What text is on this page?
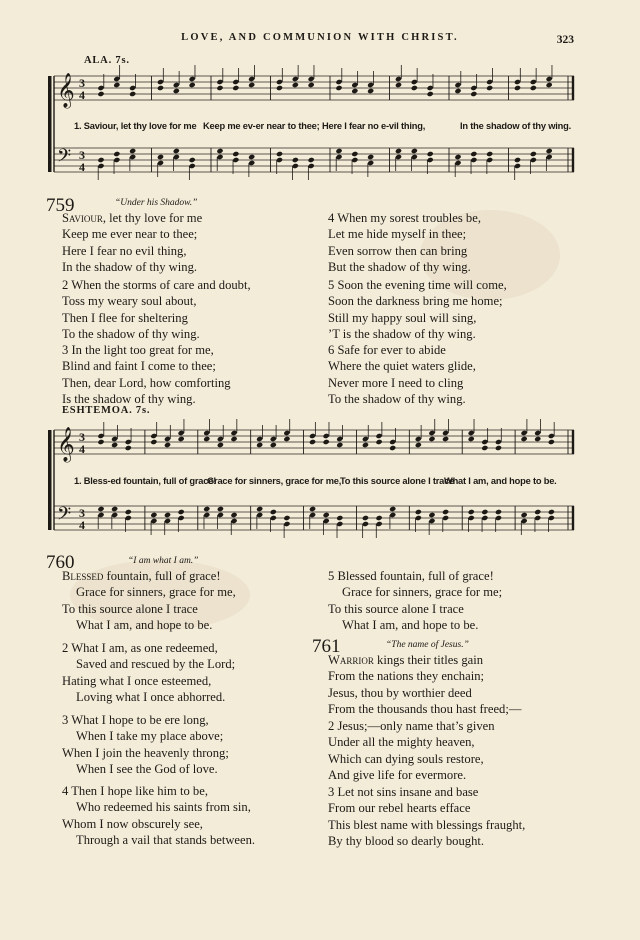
LOVE, AND COMMUNION WITH CHRIST.	323
ALA. 7s.
𝄞
𝄢
3
4
3
4
1. Saviour, let thy love for me Keep me ev-er near to thee; Here I fear no e-vil thing,	In the shadow of thy wing.
759	“Under his Shadow.”
Saviour, let thy love for me
Keep me ever near to thee;
Here I fear no evil thing,
In the shadow of thy wing.
2 When the storms of care and doubt,
Toss my weary soul about,
Then I flee for sheltering
To the shadow of thy wing.
3 In the light too great for me,
Blind and faint I come to thee;
Then, dear Lord, how comforting
Is the shadow of thy wing.
4 When my sorest troubles be,
Let me hide myself in thee;
Even sorrow then can bring
But the shadow of thy wing.
5 Soon the evening time will come,
Soon the darkness bring me home;
Still my happy soul will sing,
’T is the shadow of thy wing.
6 Safe for ever to abide
Where the quiet waters glide,
Never more I need to cling
To the shadow of thy wing.
ESHTEMOA. 7s.
𝄞
𝄢
3
4
3
4
1. Bless-ed fountain, full of grace!
Grace for sinners, grace for me,
To this source alone I trace
What I am, and hope to be.
760	“I am what I am.”
Blessed fountain, full of grace!
Grace for sinners, grace for me,
To this source alone I trace
What I am, and hope to be.
2 What I am, as one redeemed,
Saved and rescued by the Lord;
Hating what I once esteemed,
Loving what I once abhorred.
3 What I hope to be ere long,
When I take my place above;
When I join the heavenly throng;
When I see the God of love.
4 Then I hope like him to be,
Who redeemed his saints from sin,
Whom I now obscurely see,
Through a vail that stands between.
5 Blessed fountain, full of grace!
Grace for sinners, grace for me;
To this source alone I trace
What I am, and hope to be.
761	“The name of Jesus.”
Warrior kings their titles gain
From the nations they enchain;
Jesus, thou by worthier deed
From the thousands thou hast freed;—
2 Jesus;—only name that’s given
Under all the mighty heaven,
Which can dying souls restore,
And give life for evermore.
3 Let not sins insane and base
From our rebel hearts efface
This blest name with blessings fraught,
By thy blood so dearly bought.
